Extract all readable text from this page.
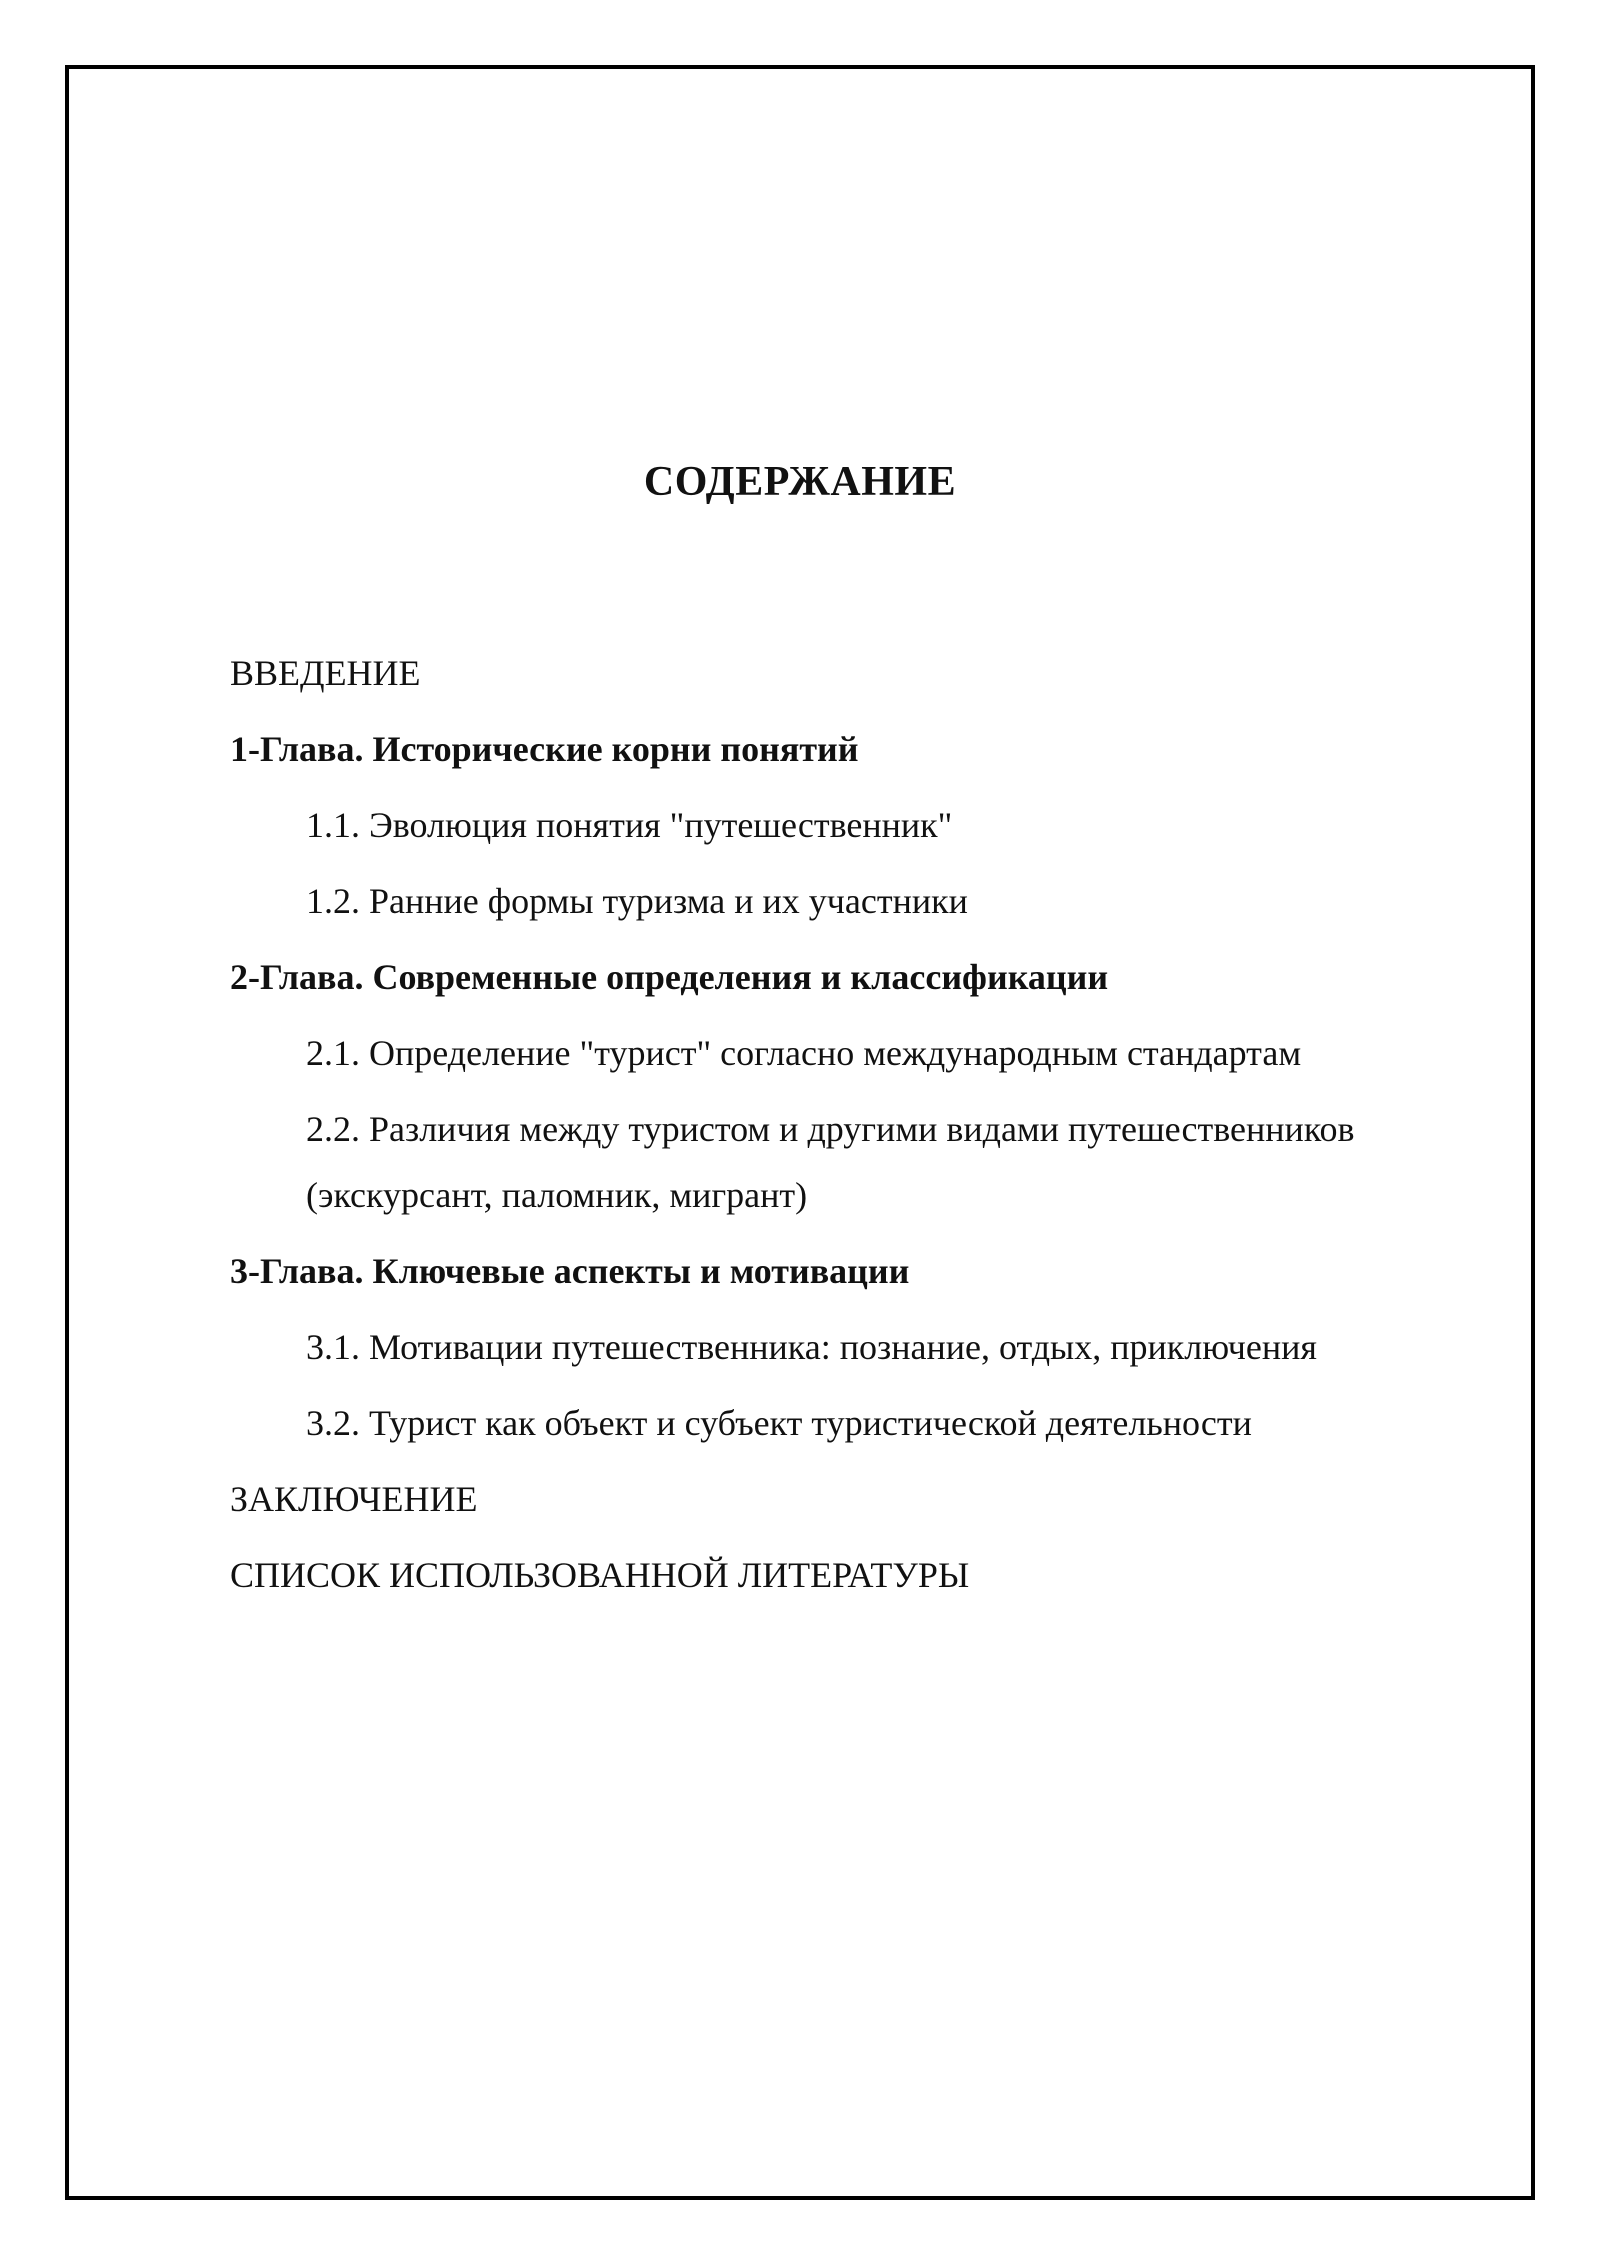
СОДЕРЖАНИЕ
ВВЕДЕНИЕ
1-Глава. Исторические корни понятий
1.1. Эволюция понятия "путешественник"
1.2. Ранние формы туризма и их участники
2-Глава. Современные определения и классификации
2.1. Определение "турист" согласно международным стандартам
2.2. Различия между туристом и другими видами путешественников (экскурсант, паломник, мигрант)
3-Глава. Ключевые аспекты и мотивации
3.1. Мотивации путешественника: познание, отдых, приключения
3.2. Турист как объект и субъект туристической деятельности
ЗАКЛЮЧЕНИЕ
СПИСОК ИСПОЛЬЗОВАННОЙ ЛИТЕРАТУРЫ
